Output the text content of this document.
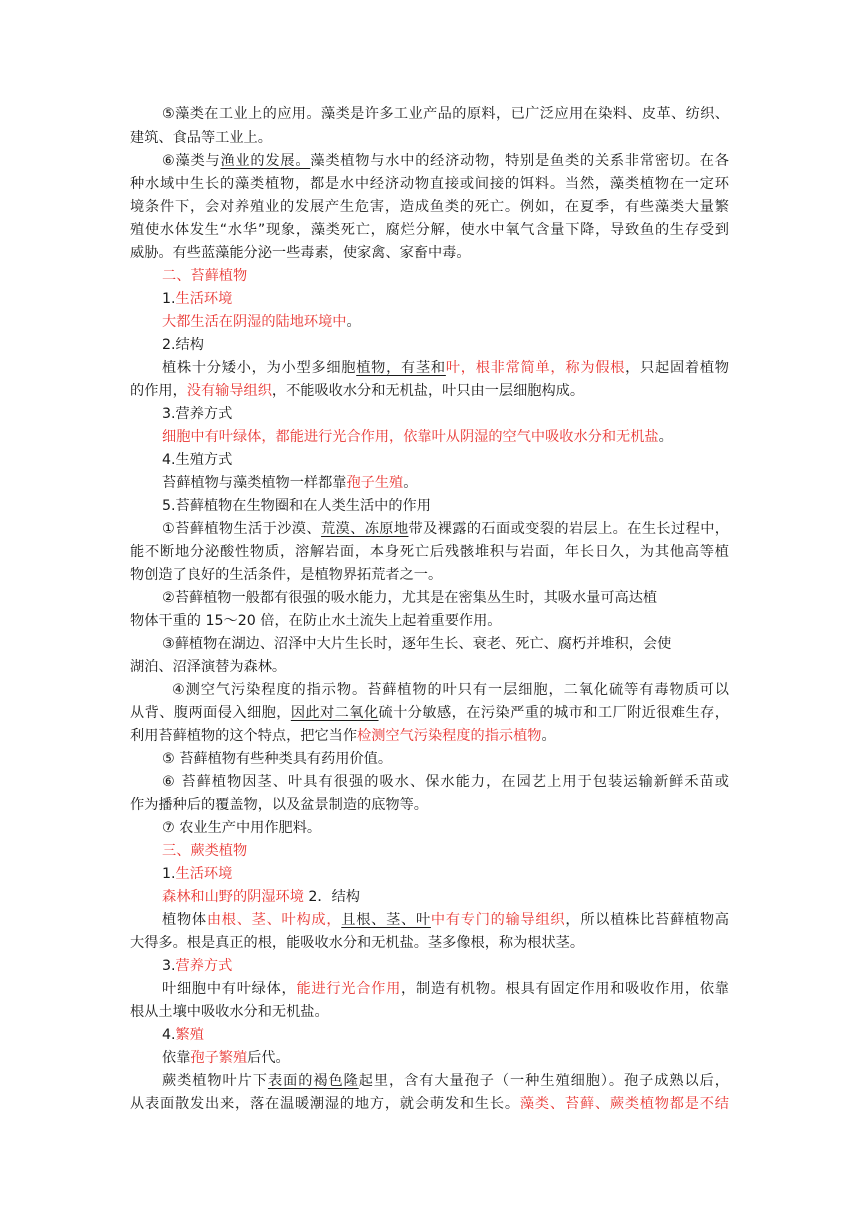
⑤藻类在工业上的应用。藻类是许多工业产品的原料，已广泛应用在染料、皮革、纺织、
建筑、食品等工业上。
⑥藻类与渔业的发展。藻类植物与水中的经济动物，特别是鱼类的关系非常密切。在各
种水域中生长的藻类植物，都是水中经济动物直接或间接的饵料。当然，藻类植物在一定环
境条件下，会对养殖业的发展产生危害，造成鱼类的死亡。例如，在夏季，有些藻类大量繁
殖使水体发生“水华”现象，藻类死亡，腐烂分解，使水中氧气含量下降，导致鱼的生存受到
威胁。有些蓝藻能分泌一些毒素，使家禽、家畜中毒。
二、苔藓植物
1.生活环境
大都生活在阴湿的陆地环境中。
2.结构
植株十分矮小，为小型多细胞植物，有茎和叶，根非常简单，称为假根，只起固着植物
的作用，没有输导组织，不能吸收水分和无机盐，叶只由一层细胞构成。
3.营养方式
细胞中有叶绿体，都能进行光合作用，依靠叶从阴湿的空气中吸收水分和无机盐。
4.生殖方式
苔藓植物与藻类植物一样都靠孢子生殖。
5.苔藓植物在生物圈和在人类生活中的作用
①苔藓植物生活于沙漠、荒漠、冻原地带及裸露的石面或变裂的岩层上。在生长过程中，
能不断地分泌酸性物质，溶解岩面，本身死亡后残骸堆积与岩面，年长日久，为其他高等植
物创造了良好的生活条件，是植物界拓荒者之一。
②苔藓植物一般都有很强的吸水能力，尤其是在密集丛生时，其吸水量可高达植
物体干重的 15～20 倍，在防止水土流失上起着重要作用。
③藓植物在湖边、沼泽中大片生长时，逐年生长、衰老、死亡、腐朽并堆积，会使
湖泊、沼泽演替为森林。
④测空气污染程度的指示物。苔藓植物的叶只有一层细胞，二氧化硫等有毒物质可以
从背、腹两面侵入细胞，因此对二氧化硫十分敏感，在污染严重的城市和工厂附近很难生存，
利用苔藓植物的这个特点，把它当作检测空气污染程度的指示植物。
⑤ 苔藓植物有些种类具有药用价值。
⑥ 苔藓植物因茎、叶具有很强的吸水、保水能力，在园艺上用于包装运输新鲜禾苗或
作为播种后的覆盖物，以及盆景制造的底物等。
⑦ 农业生产中用作肥料。
三、蕨类植物
1.生活环境
森林和山野的阴湿环境 2．结构
植物体由根、茎、叶构成，且根、茎、叶中有专门的输导组织，所以植株比苔藓植物高
大得多。根是真正的根，能吸收水分和无机盐。茎多像根，称为根状茎。
3.营养方式
叶细胞中有叶绿体，能进行光合作用，制造有机物。根具有固定作用和吸收作用，依靠
根从土壤中吸收水分和无机盐。
4.繁殖
依靠孢子繁殖后代。
蕨类植物叶片下表面的褐色隆起里，含有大量孢子（一种生殖细胞）。孢子成熟以后，
从表面散发出来，落在温暖潮湿的地方，就会萌发和生长。藻类、苔藓、蕨类植物都是不结
